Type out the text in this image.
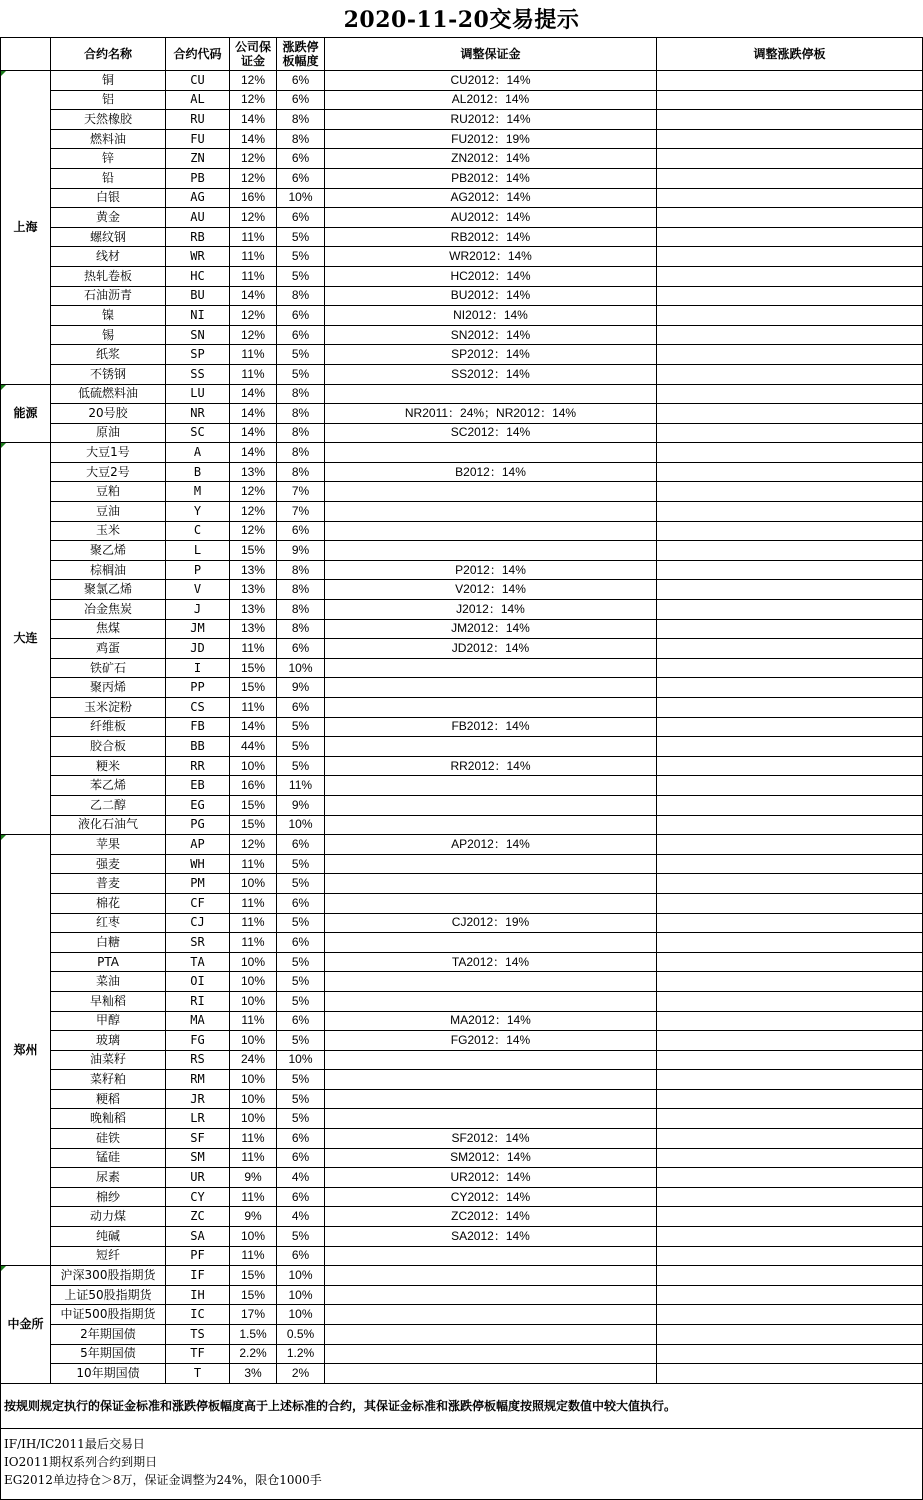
2020-11-20交易提示
	合约名称	合约代码	公司保证金	涨跌停板幅度	调整保证金	调整涨跌停板

上海	铜	CU	12%	6%	CU2012：14%	
	铝	AL	12%	6%	AL2012：14%	
	天然橡胶	RU	14%	8%	RU2012：14%	
	燃料油	FU	14%	8%	FU2012：19%	
	锌	ZN	12%	6%	ZN2012：14%	
	铅	PB	12%	6%	PB2012：14%	
	白银	AG	16%	10%	AG2012：14%	
	黄金	AU	12%	6%	AU2012：14%	
	螺纹钢	RB	11%	5%	RB2012：14%	
	线材	WR	11%	5%	WR2012：14%	
	热轧卷板	HC	11%	5%	HC2012：14%	
	石油沥青	BU	14%	8%	BU2012：14%	
	镍	NI	12%	6%	NI2012：14%	
	锡	SN	12%	6%	SN2012：14%	
	纸浆	SP	11%	5%	SP2012：14%	
	不锈钢	SS	11%	5%	SS2012：14%	

能源	低硫燃料油	LU	14%	8%		
	20号胶	NR	14%	8%	NR2011：24%；NR2012：14%	
	原油	SC	14%	8%	SC2012：14%	

大连	大豆1号	A	14%	8%		
	大豆2号	B	13%	8%	B2012：14%	
	豆粕	M	12%	7%		
	豆油	Y	12%	7%		
	玉米	C	12%	6%		
	聚乙烯	L	15%	9%		
	棕榈油	P	13%	8%	P2012：14%	
	聚氯乙烯	V	13%	8%	V2012：14%	
	冶金焦炭	J	13%	8%	J2012：14%	
	焦煤	JM	13%	8%	JM2012：14%	
	鸡蛋	JD	11%	6%	JD2012：14%	
	铁矿石	I	15%	10%		
	聚丙烯	PP	15%	9%		
	玉米淀粉	CS	11%	6%		
	纤维板	FB	14%	5%	FB2012：14%	
	胶合板	BB	44%	5%		
	粳米	RR	10%	5%	RR2012：14%	
	苯乙烯	EB	16%	11%		
	乙二醇	EG	15%	9%		
	液化石油气	PG	15%	10%		

郑州	苹果	AP	12%	6%	AP2012：14%	
	强麦	WH	11%	5%		
	普麦	PM	10%	5%		
	棉花	CF	11%	6%		
	红枣	CJ	11%	5%	CJ2012：19%	
	白糖	SR	11%	6%		
	PTA	TA	10%	5%	TA2012：14%	
	菜油	OI	10%	5%		
	早籼稻	RI	10%	5%		
	甲醇	MA	11%	6%	MA2012：14%	
	玻璃	FG	10%	5%	FG2012：14%	
	油菜籽	RS	24%	10%		
	菜籽粕	RM	10%	5%		
	粳稻	JR	10%	5%		
	晚籼稻	LR	10%	5%		
	硅铁	SF	11%	6%	SF2012：14%	
	锰硅	SM	11%	6%	SM2012：14%	
	尿素	UR	9%	4%	UR2012：14%	
	棉纱	CY	11%	6%	CY2012：14%	
	动力煤	ZC	9%	4%	ZC2012：14%	
	纯碱	SA	10%	5%	SA2012：14%	
	短纤	PF	11%	6%		

中金所	沪深300股指期货	IF	15%	10%		
	上证50股指期货	IH	15%	10%		
	中证500股指期货	IC	17%	10%		
	2年期国债	TS	1.5%	0.5%		
	5年期国债	TF	2.2%	1.2%		
	10年期国债	T	3%	2%		
按规则规定执行的保证金标准和涨跌停板幅度高于上述标准的合约，其保证金标准和涨跌停板幅度按照规定数值中较大值执行。						

IF/IH/IC2011最后交易日
IO2011期权系列合约到期日
EG2012单边持仓＞8万，保证金调整为24%，限仓1000手						
